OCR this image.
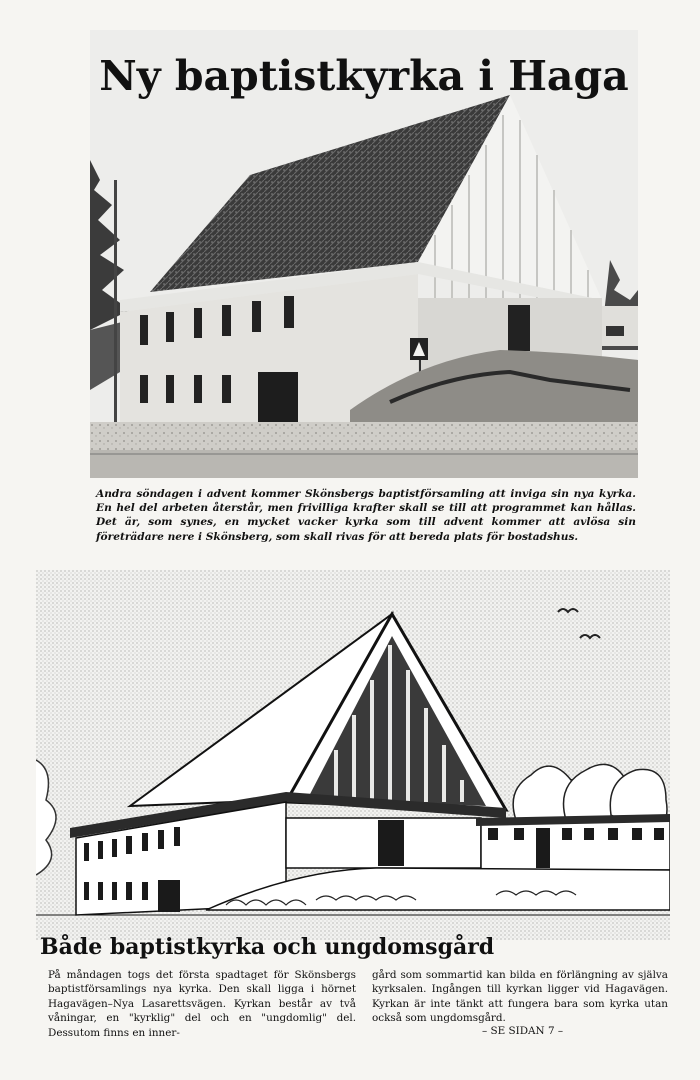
Ny baptistkyrka i Haga
Andra söndagen i advent kommer Skönsbergs baptistförsamling att inviga sin nya kyrka. En hel del arbeten återstår, men frivilliga krafter skall se till att programmet kan hållas. Det är, som synes, en mycket vacker kyrka som till advent kommer att avlösa sin företrädare nere i Skönsberg, som skall rivas för att bereda plats för bostadshus.
Både baptistkyrka och ungdomsgård

På måndagen togs det första spadtaget för Skönsbergs baptistförsamlings nya kyrka. Den skall ligga i hörnet Hagavägen–Nya Lasarettsvägen. Kyrkan består av två våningar, en "kyrklig" del och en "ungdomlig" del. Dessutom finns en inner-

gård som sommartid kan bilda en förlängning av själva kyrksalen. Ingången till kyrkan ligger vid Hagavägen. Kyrkan är inte tänkt att fungera bara som kyrka utan också som ungdomsgård.

– SE SIDAN 7 –
